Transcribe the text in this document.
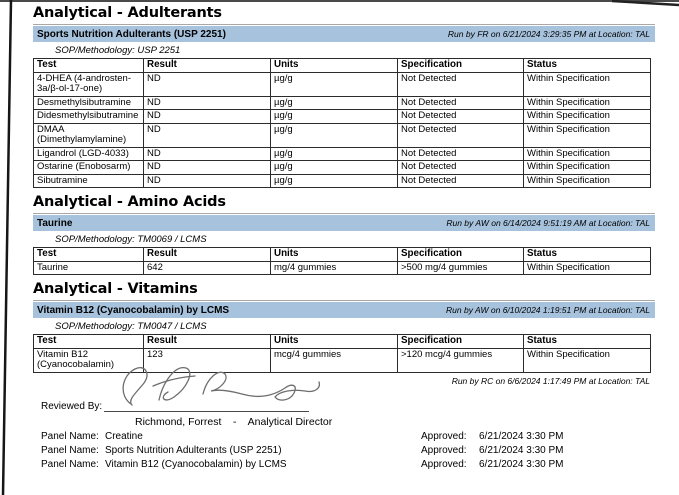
Analytical - Adulterants
Sports Nutrition Adulterants (USP 2251)	Run by FR on 6/21/2024 3:29:35 PM at Location: TAL
SOP/Methodology: USP 2251
Test	Result	Units	Specification	Status
4-DHEA (4-androsten-3a/β-ol-17-one)	ND	µg/g	Not Detected	Within Specification
Desmethylsibutramine	ND	µg/g	Not Detected	Within Specification
Didesmethylsibutramine	ND	µg/g	Not Detected	Within Specification
DMAA (Dimethylamylamine)	ND	µg/g	Not Detected	Within Specification
Ligandrol (LGD-4033)	ND	µg/g	Not Detected	Within Specification
Ostarine (Enobosarm)	ND	µg/g	Not Detected	Within Specification
Sibutramine	ND	µg/g	Not Detected	Within Specification
Analytical - Amino Acids
Taurine	Run by AW on 6/14/2024 9:51:19 AM at Location: TAL
SOP/Methodology: TM0069 / LCMS
Test	Result	Units	Specification	Status
Taurine	642	mg/4 gummies	>500 mg/4 gummies	Within Specification
Analytical - Vitamins
Vitamin B12 (Cyanocobalamin) by LCMS	Run by AW on 6/10/2024 1:19:51 PM at Location: TAL
SOP/Methodology: TM0047 / LCMS
Test	Result	Units	Specification	Status
Vitamin B12 (Cyanocobalamin)	123	mcg/4 gummies	>120 mcg/4 gummies	Within Specification
Run by RC on 6/6/2024 1:17:49 PM at Location: TAL
Reviewed By:
Richmond, Forrest    -    Analytical Director
Panel Name: Creatine	Approved:	6/21/2024 3:30 PM
Panel Name: Sports Nutrition Adulterants (USP 2251)	Approved:	6/21/2024 3:30 PM
Panel Name: Vitamin B12 (Cyanocobalamin) by LCMS	Approved:	6/21/2024 3:30 PM
